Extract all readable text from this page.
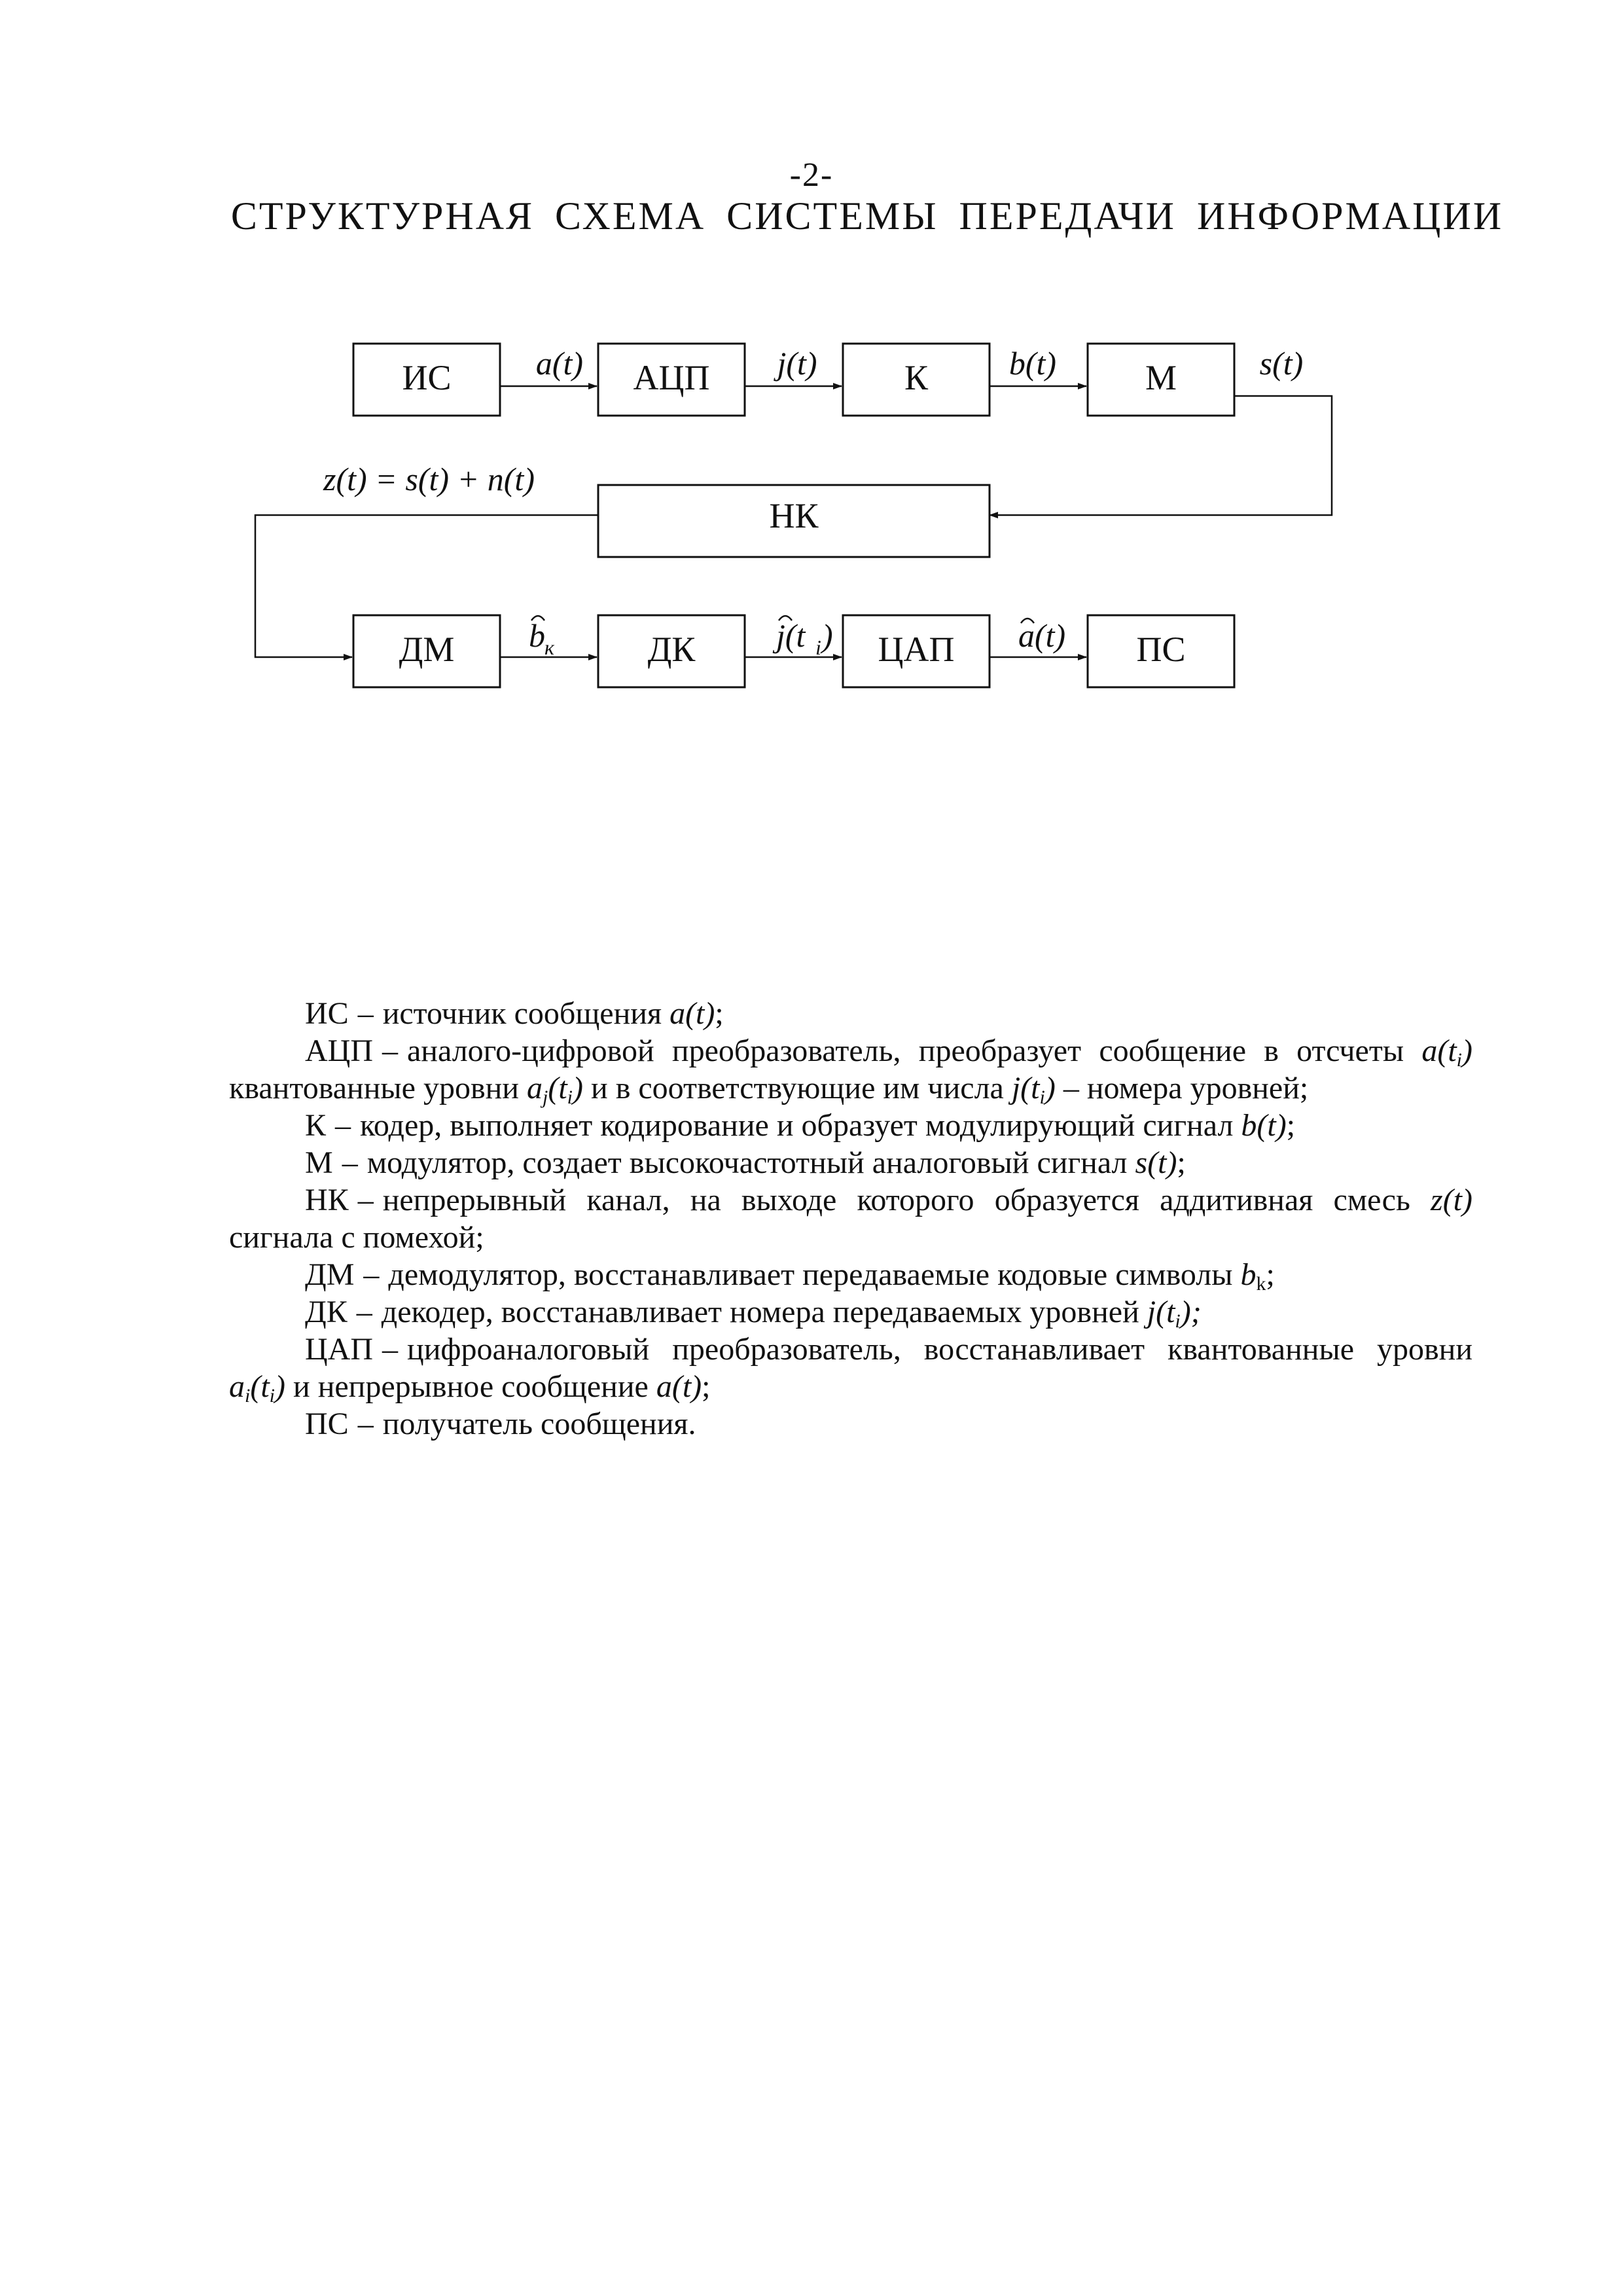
-2-
СТРУКТУРНАЯ СХЕМА СИСТЕМЫ ПЕРЕДАЧИ ИНФОРМАЦИИ
ИС	АЦП	К	М
a(t)	j(t)	b(t)	s(t)
НК
z(t) = s(t) + n(t)
ДМ	ДК	ЦАП	ПС
b к	j(t i )	a(t)

ИС – источник сообщения a(t);

АЦП – аналого-цифровой преобразователь, преобразует сообщение в отсчеты $a(t_i)$ квантованные уровни $a_j(t_i)$ и в соответствующие им числа $j(t_i)$ – номера уровней;

К – кодер, выполняет кодирование и образует модулирующий сигнал b(t);

М – модулятор, создает высокочастотный аналоговый сигнал s(t);

НК – непрерывный канал, на выходе которого образуется аддитивная смесь z(t) сигнала с помехой;

ДМ – демодулятор, восстанавливает передаваемые кодовые символы $b_k$;

ДК – декодер, восстанавливает номера передаваемых уровней $j(t_i)$;

ЦАП – цифроаналоговый преобразователь, восстанавливает квантованные уровни $a_i(t_i)$ и непрерывное сообщение a(t);

ПС – получатель сообщения.
